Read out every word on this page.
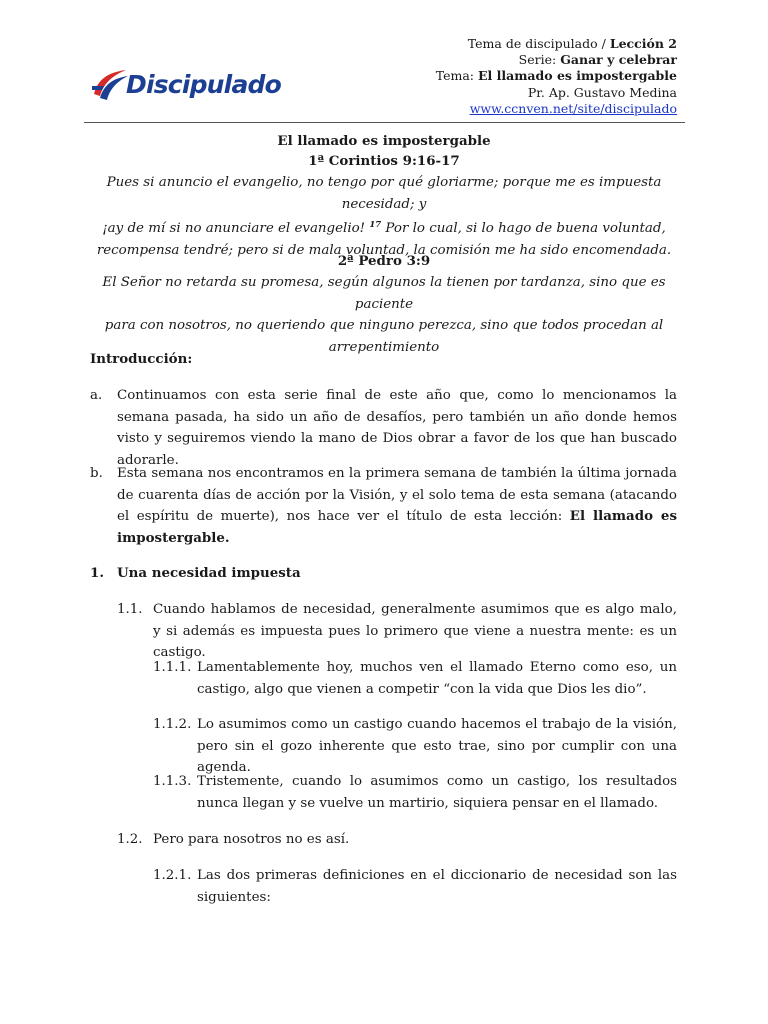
Discipulado
Tema de discipulado / Lección 2
Serie: Ganar y celebrar
Tema: El llamado es impostergable
Pr. Ap. Gustavo Medina
www.ccnven.net/site/discipulado
El llamado es impostergable
1ª Corintios 9:16-17
Pues si anuncio el evangelio, no tengo por qué gloriarme; porque me es impuesta necesidad; y
¡ay de mí si no anunciare el evangelio! $^{17}$ Por lo cual, si lo hago de buena voluntad,
recompensa tendré; pero si de mala voluntad, la comisión me ha sido encomendada.
2ª Pedro 3:9
El Señor no retarda su promesa, según algunos la tienen por tardanza, sino que es paciente
para con nosotros, no queriendo que ninguno perezca, sino que todos procedan al
arrepentimiento
Introducción:
a. Continuamos con esta serie final de este año que, como lo mencionamos la semana pasada, ha sido un año de desafíos, pero también un año donde hemos visto y seguiremos viendo la mano de Dios obrar a favor de los que han buscado adorarle.
b. Esta semana nos encontramos en la primera semana de también la última jornada de cuarenta días de acción por la Visión, y el solo tema de esta semana (atacando el espíritu de muerte), nos hace ver el título de esta lección: El llamado es impostergable.
1. Una necesidad impuesta
1.1. Cuando hablamos de necesidad, generalmente asumimos que es algo malo, y si además es impuesta pues lo primero que viene a nuestra mente: es un castigo.
1.1.1. Lamentablemente hoy, muchos ven el llamado Eterno como eso, un castigo, algo que vienen a competir “con la vida que Dios les dio”.
1.1.2. Lo asumimos como un castigo cuando hacemos el trabajo de la visión, pero sin el gozo inherente que esto trae, sino por cumplir con una agenda.
1.1.3. Tristemente, cuando lo asumimos como un castigo, los resultados nunca llegan y se vuelve un martirio, siquiera pensar en el llamado.
1.2. Pero para nosotros no es así.
1.2.1. Las dos primeras definiciones en el diccionario de necesidad son las siguientes:
